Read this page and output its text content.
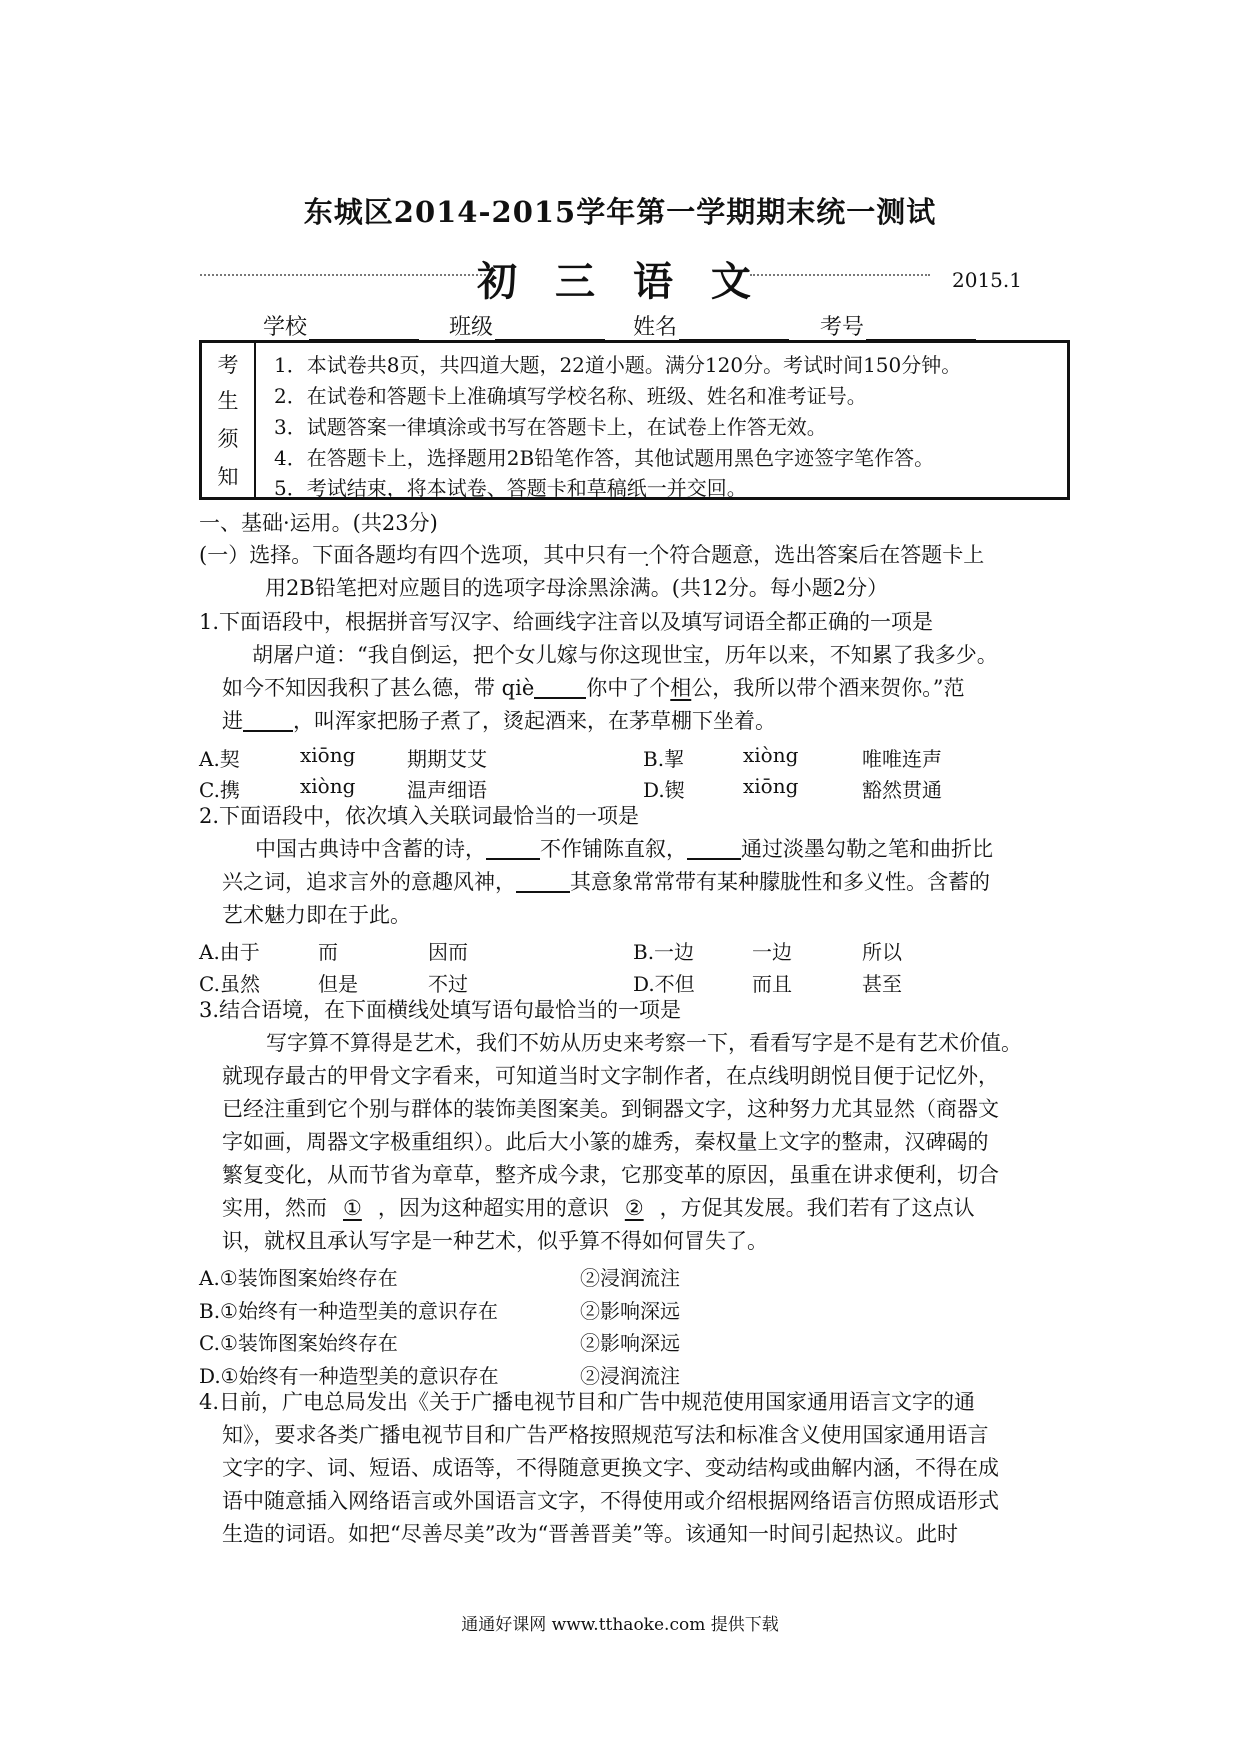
东城区2014-2015学年第一学期期末统一测试
初 三 语 文	2015.1
学校	班级	姓名	考号
考
生
须
知
1．本试卷共8页，共四道大题，22道小题。满分120分。考试时间150分钟。
2．在试卷和答题卡上准确填写学校名称、班级、姓名和准考证号。
3．试题答案一律填涂或书写在答题卡上，在试卷上作答无效。
4．在答题卡上，选择题用2B铅笔作答，其他试题用黑色字迹签字笔作答。
5．考试结束，将本试卷、答题卡和草稿纸一并交回。
一、基础·运用。(共23分)
(一）选择。下面各题均有四个选项，其中只有一个符合题意，选出答案后在答题卡上
用2B铅笔把对应题目的选项字母涂黑涂满。(共12分。每小题2分）
1.下面语段中，根据拼音写汉字、给画线字注音以及填写词语全都正确的一项是
胡屠户道：“我自倒运，把个女儿嫁与你这现世宝，历年以来，不知累了我多少。
如今不知因我积了甚么德，带 qiè 你中了个相公，我所以带个酒来贺你。”范
进 ，叫浑家把肠子煮了，烫起酒来，在茅草棚下坐着。
A.契	xiōng	期期艾艾	B.挈	xiòng	唯唯连声
C.携	xiòng	温声细语	D.锲	xiōng	豁然贯通
2.下面语段中，依次填入关联词最恰当的一项是
中国古典诗中含蓄的诗，	不作铺陈直叙，	通过淡墨勾勒之笔和曲折比
兴之词，追求言外的意趣风神，	其意象常常带有某种朦胧性和多义性。含蓄的
艺术魅力即在于此。
A.由于	而	因而	B.一边	一边	所以
C.虽然	但是	不过	D.不但	而且	甚至
3.结合语境，在下面横线处填写语句最恰当的一项是
写字算不算得是艺术，我们不妨从历史来考察一下，看看写字是不是有艺术价值。
就现存最古的甲骨文字看来，可知道当时文字制作者，在点线明朗悦目便于记忆外，
已经注重到它个别与群体的装饰美图案美。到铜器文字，这种努力尤其显然（商器文
字如画，周器文字极重组织）。此后大小篆的雄秀，秦权量上文字的整肃，汉碑碣的
繁复变化，从而节省为章草，整齐成今隶，它那变革的原因，虽重在讲求便利，切合
实用，然而 ① ，因为这种超实用的意识 ② ，方促其发展。我们若有了这点认
识，就权且承认写字是一种艺术，似乎算不得如何冒失了。
A.①装饰图案始终存在	②浸润流注
B.①始终有一种造型美的意识存在	②影响深远
C.①装饰图案始终存在	②影响深远
D.①始终有一种造型美的意识存在	②浸润流注
4.日前，广电总局发出《关于广播电视节目和广告中规范使用国家通用语言文字的通
知》，要求各类广播电视节目和广告严格按照规范写法和标准含义使用国家通用语言
文字的字、词、短语、成语等，不得随意更换文字、变动结构或曲解内涵，不得在成
语中随意插入网络语言或外国语言文字，不得使用或介绍根据网络语言仿照成语形式
生造的词语。如把“尽善尽美”改为“晋善晋美”等。该通知一时间引起热议。此时
通通好课网 www.tthaoke.com 提供下载
